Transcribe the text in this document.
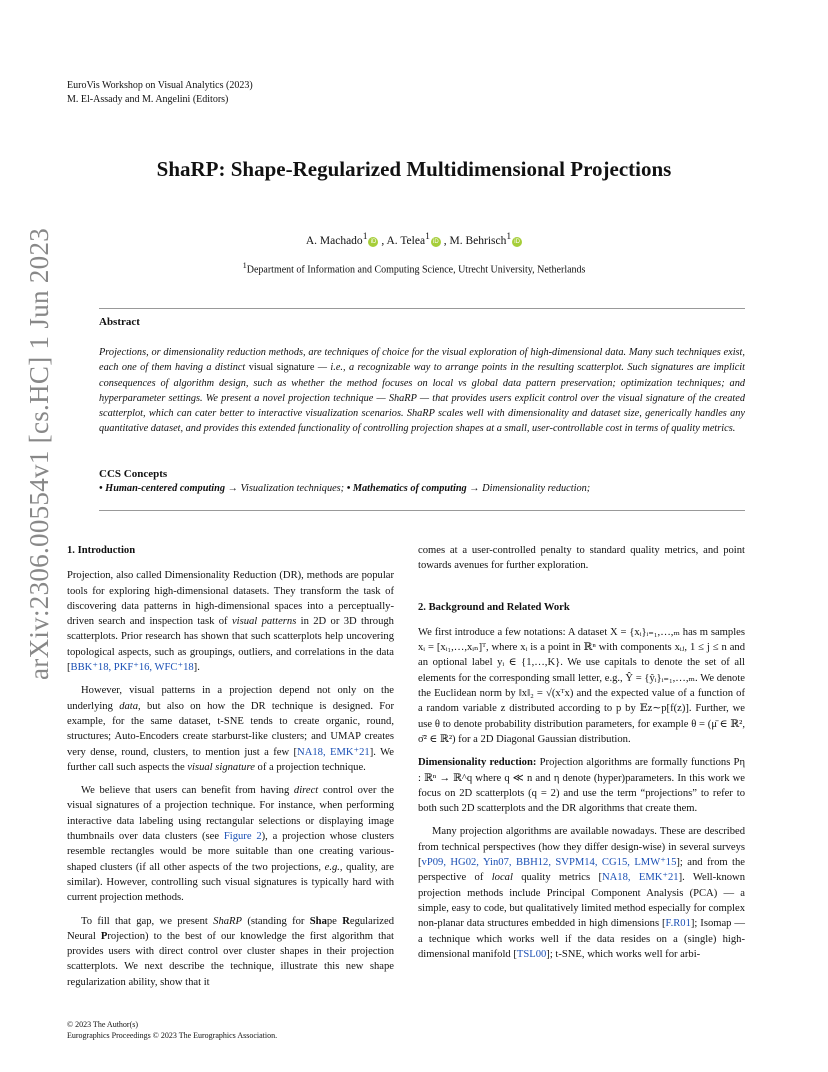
EuroVis Workshop on Visual Analytics (2023)
M. El-Assady and M. Angelini (Editors)
ShaRP: Shape-Regularized Multidimensional Projections
A. Machado$^1$ iD , A. Telea$^1$ iD , M. Behrisch$^1$ iD
$^1$Department of Information and Computing Science, Utrecht University, Netherlands
Abstract
Projections, or dimensionality reduction methods, are techniques of choice for the visual exploration of high-dimensional data. Many such techniques exist, each one of them having a distinct visual signature — i.e., a recognizable way to arrange points in the resulting scatterplot. Such signatures are implicit consequences of algorithm design, such as whether the method focuses on local vs global data pattern preservation; optimization techniques; and hyperparameter settings. We present a novel projection technique — ShaRP — that provides users explicit control over the visual signature of the created scatterplot, which can cater better to interactive visualization scenarios. ShaRP scales well with dimensionality and dataset size, generically handles any quantitative dataset, and provides this extended functionality of controlling projection shapes at a small, user-controllable cost in terms of quality metrics.
CCS Concepts
• Human-centered computing → Visualization techniques; • Mathematics of computing → Dimensionality reduction;
arXiv:2306.00554v1 [cs.HC] 1 Jun 2023 1. Introduction

Projection, also called Dimensionality Reduction (DR), methods are popular tools for exploring high-dimensional datasets. They transform the task of discovering data patterns in high-dimensional spaces into a perceptually-driven search and inspection task of visual patterns in 2D or 3D through scatterplots. Prior research has shown that such scatterplots help uncovering topological aspects, such as groupings, outliers, and correlations in the data [BBK⁺18, PKF⁺16, WFC⁺18].

However, visual patterns in a projection depend not only on the underlying data, but also on how the DR technique is designed. For example, for the same dataset, t-SNE tends to create organic, round, structures; Auto-Encoders create starburst-like clusters; and UMAP creates very dense, round, clusters, to mention just a few [NA18, EMK⁺21]. We further call such aspects the visual signature of a projection technique.

We believe that users can benefit from having direct control over the visual signatures of a projection technique. For instance, when performing interactive data labeling using rectangular selections or displaying image thumbnails over data clusters (see Figure 2), a projection whose clusters resemble rectangles would be more suitable than one creating various-shaped clusters (if all other aspects of the two projections, e.g., quality, are similar). However, controlling such visual signatures is typically hard with current projection methods.

To fill that gap, we present ShaRP (standing for Shape Regularized Neural Projection) to the best of our knowledge the first algorithm that provides users with direct control over cluster shapes in their projection scatterplots. We next describe the technique, illustrate this new shape regularization ability, show that it

comes at a user-controlled penalty to standard quality metrics, and point towards avenues for further exploration.

2. Background and Related Work

We first introduce a few notations: A dataset X = {xᵢ}ᵢ₌₁,…,ₘ has m samples xᵢ = [xᵢ₁,…,xᵢₙ]ᵀ, where xᵢ is a point in ℝⁿ with components xᵢⱼ, 1 ≤ j ≤ n and an optional label yᵢ ∈ {1,…,K}. We use capitals to denote the set of all elements for the corresponding small letter, e.g., Ŷ = {ŷᵢ}ᵢ₌₁,…,ₘ. We denote the Euclidean norm by ‖x‖₂ = √(xᵀx) and the expected value of a function of a random variable z distributed according to p by 𝔼z∼p[f(z)]. Further, we use θ to denote probability distribution parameters, for example θ = (μ̄ ∈ ℝ², σ̄² ∈ ℝ²) for a 2D Diagonal Gaussian distribution.

Dimensionality reduction: Projection algorithms are formally functions Pη : ℝⁿ → ℝ^q where q ≪ n and η denote (hyper)parameters. In this work we focus on 2D scatterplots (q = 2) and use the term “projections” to refer to both such 2D scatterplots and the DR algorithms that create them.

Many projection algorithms are available nowadays. These are described from technical perspectives (how they differ design-wise) in several surveys [vP09, HG02, Yin07, BBH12, SVPM14, CG15, LMW⁺15]; and from the perspective of local quality metrics [NA18, EMK⁺21]. Well-known projection methods include Principal Component Analysis (PCA) — a simple, easy to code, but qualitatively limited method especially for complex non-planar data structures embedded in high dimensions [F.R01]; Isomap — a technique which works well if the data resides on a (single) high-dimensional manifold [TSL00]; t-SNE, which works well for arbi-

© 2023 The Author(s)
Eurographics Proceedings © 2023 The Eurographics Association.
